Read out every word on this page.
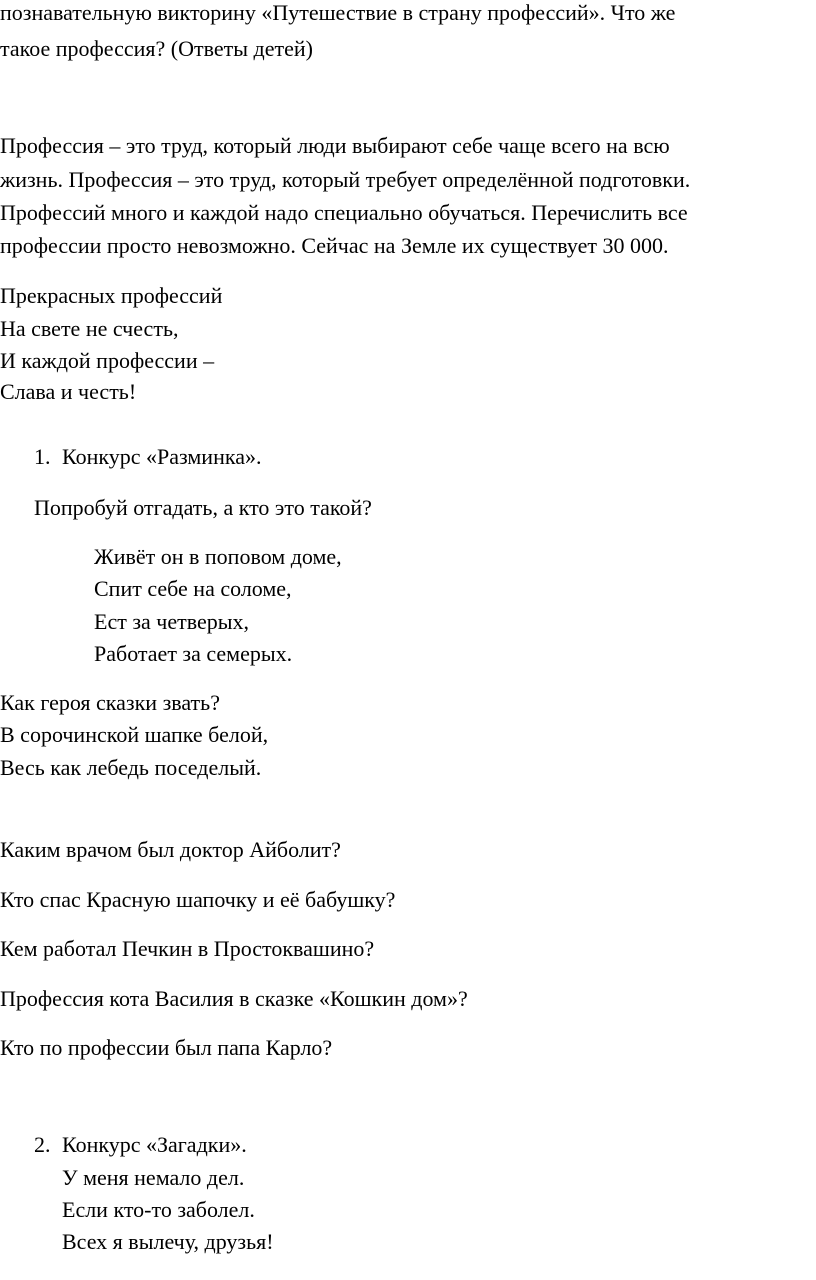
познавательную викторину «Путешествие в страну профессий». Что же

такое профессия? (Ответы детей)

Профессия – это труд, который люди выбирают себе чаще всего на всю

жизнь. Профессия – это труд, который требует определённой подготовки.

Профессий много и каждой надо специально обучаться. Перечислить все

профессии просто невозможно. Сейчас на Земле их существует 30 000.

Прекрасных профессий

На свете не счесть,

И каждой профессии –

Слава и честь!

1. Конкурс «Разминка».

Попробуй отгадать, а кто это такой?

Живёт он в поповом доме,

Спит себе на соломе,

Ест за четверых,

Работает за семерых.

Как героя сказки звать?

В сорочинской шапке белой,

Весь как лебедь поседелый.

Каким врачом был доктор Айболит?

Кто спас Красную шапочку и её бабушку?

Кем работал Печкин в Простоквашино?

Профессия кота Василия в сказке «Кошкин дом»?

Кто по профессии был папа Карло?

2. Конкурс «Загадки».

У меня немало дел.

Если кто-то заболел.

Всех я вылечу, друзья!
